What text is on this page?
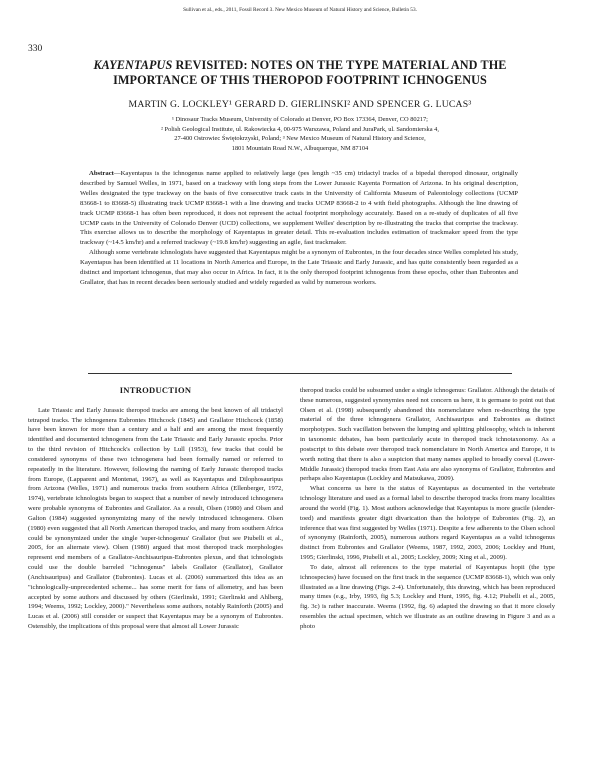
Sullivan et al., eds., 2011, Fossil Record 3. New Mexico Museum of Natural History and Science, Bulletin 53.
330
KAYENTAPUS REVISITED: NOTES ON THE TYPE MATERIAL AND THE
IMPORTANCE OF THIS THEROPOD FOOTPRINT ICHNOGENUS
MARTIN G. LOCKLEY¹ GERARD D. GIERLINSKI² AND SPENCER G. LUCAS³
¹ Dinosaur Tracks Museum, University of Colorado at Denver, PO Box 173364, Denver, CO 80217;
² Polish Geological Institute, ul. Rakowiecka 4, 00-975 Warszawa, Poland and JuraPark, ul. Sandomierska 4,
27-400 Ostrowiec Świętokrzyski, Poland; ³ New Mexico Museum of Natural History and Science,
1801 Mountain Road N.W., Albuquerque, NM 87104

Abstract—Kayentapus is the ichnogenus name applied to relatively large (pes length ~35 cm) tridactyl tracks of a bipedal theropod dinosaur, originally described by Samuel Welles, in 1971, based on a trackway with long steps from the Lower Jurassic Kayenta Formation of Arizona. In his original description, Welles designated the type trackway on the basis of five consecutive track casts in the University of California Museum of Paleontology collections (UCMP 83668-1 to 83668-5) illustrating track UCMP 83668-1 with a line drawing and tracks UCMP 83668-2 to 4 with field photographs. Although the line drawing of track UCMP 83668-1 has often been reproduced, it does not represent the actual footprint morphology accurately. Based on a re-study of duplicates of all five UCMP casts in the University of Colorado Denver (UCD) collections, we supplement Welles' description by re-illustrating the tracks that comprise the trackway. This exercise allows us to describe the morphology of Kayentapus in greater detail. This re-evaluation includes estimation of trackmaker speed from the type trackway (~14.5 km/hr) and a referred trackway (~19.8 km/hr) suggesting an agile, fast trackmaker.

Although some vertebrate ichnologists have suggested that Kayentapus might be a synonym of Eubrontes, in the four decades since Welles completed his study, Kayentapus has been identified at 11 locations in North America and Europe, in the Late Triassic and Early Jurassic, and has quite consistently been regarded as a distinct and important ichnogenus, that may also occur in Africa. In fact, it is the only theropod footprint ichnogenus from these epochs, other than Eubrontes and Grallator, that has in recent decades been seriously studied and widely regarded as valid by numerous workers.

INTRODUCTION

Late Triassic and Early Jurassic theropod tracks are among the best known of all tridactyl tetrapod tracks. The ichnogenera Eubrontes Hitchcock (1845) and Grallator Hitchcock (1858) have been known for more than a century and a half and are among the most frequently identified and documented ichnogenera from the Late Triassic and Early Jurassic epochs. Prior to the third revision of Hitchcock's collection by Lull (1953), few tracks that could be considered synonyms of these two ichnogenera had been formally named or referred to repeatedly in the literature. However, following the naming of Early Jurassic theropod tracks from Europe, (Lapparent and Montenat, 1967), as well as Kayentapus and Dilophosauripus from Arizona (Welles, 1971) and numerous tracks from southern Africa (Ellenberger, 1972, 1974), vertebrate ichnologists began to suspect that a number of newly introduced ichnogenera were probable synonyms of Eubrontes and Grallator. As a result, Olsen (1980) and Olsen and Galton (1984) suggested synonymizing many of the newly introduced ichnogenera. Olsen (1980) even suggested that all North American theropod tracks, and many from southern Africa could be synonymized under the single 'super-ichnogenus' Grallator (but see Piubelli et al., 2005, for an alternate view). Olsen (1980) argued that most theropod track morphologies represent end members of a Grallator-Anchisauripus-Eubrontes plexus, and that ichnologists could use the double barreled "ichnogenus" labels Grallator (Grallator), Grallator (Anchisauripus) and Grallator (Eubrontes). Lucas et al. (2006) summarized this idea as an "ichnologically-unprecedented scheme... has some merit for fans of allometry, and has been accepted by some authors and discussed by others (Gierlinski, 1991; Gierlinski and Ahlberg, 1994; Weems, 1992; Lockley, 2000)." Nevertheless some authors, notably Rainforth (2005) and Lucas et al. (2006) still consider or suspect that Kayentapus may be a synonym of Eubrontes. Ostensibly, the implications of this proposal were that almost all Lower Jurassic

theropod tracks could be subsumed under a single ichnogenus: Grallator. Although the details of these numerous, suggested synonymies need not concern us here, it is germane to point out that Olsen et al. (1998) subsequently abandoned this nomenclature when re-describing the type material of the three ichnogenera Grallator, Anchisauripus and Eubrontes as distinct morphotypes. Such vacillation between the lumping and splitting philosophy, which is inherent in taxonomic debates, has been particularly acute in theropod track ichnotaxonomy. As a postscript to this debate over theropod track nomenclature in North America and Europe, it is worth noting that there is also a suspicion that many names applied to broadly coeval (Lower-Middle Jurassic) theropod tracks from East Asia are also synonyms of Grallator, Eubrontes and perhaps also Kayentapus (Lockley and Matsukawa, 2009).

What concerns us here is the status of Kayentapus as documented in the vertebrate ichnology literature and used as a formal label to describe theropod tracks from many localities around the world (Fig. 1). Most authors acknowledge that Kayentapus is more gracile (slender-toed) and manifests greater digit divarication than the holotype of Eubrontes (Fig. 2), an inference that was first suggested by Welles (1971). Despite a few adherents to the Olsen school of synonymy (Rainforth, 2005), numerous authors regard Kayentapus as a valid ichnogenus distinct from Eubrontes and Grallator (Weems, 1987, 1992, 2003, 2006; Lockley and Hunt, 1995; Gierlinski, 1996, Piubelli et al., 2005; Lockley, 2009; Xing et al., 2009).

To date, almost all references to the type material of Kayentapus hopii (the type ichnospecies) have focused on the first track in the sequence (UCMP 83668-1), which was only illustrated as a line drawing (Figs. 2-4). Unfortunately, this drawing, which has been reproduced many times (e.g., Irby, 1993, fig 5.3; Lockley and Hunt, 1995, fig. 4.12; Piubelli et al., 2005, fig. 3c) is rather inaccurate. Weems (1992, fig. 6) adapted the drawing so that it more closely resembles the actual specimen, which we illustrate as an outline drawing in Figure 3 and as a photo
